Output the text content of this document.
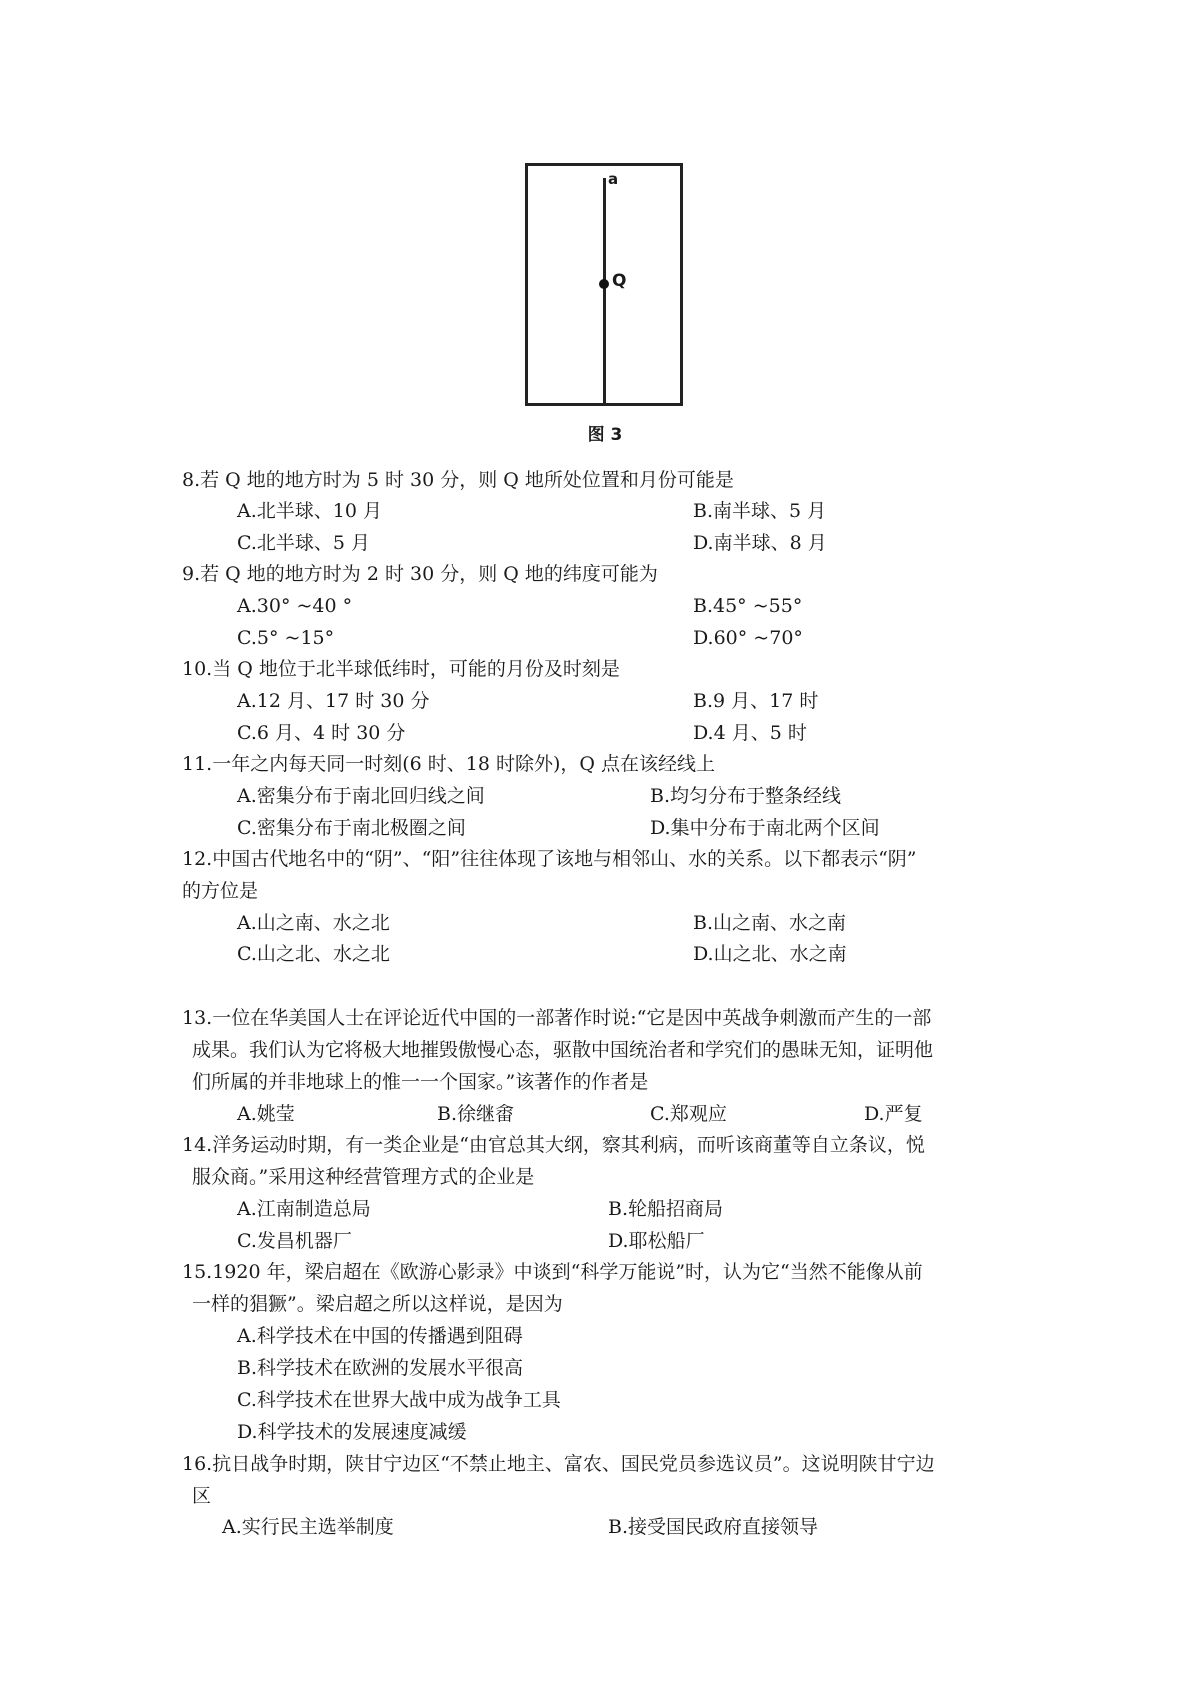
a
Q
图 3
8.若 Q 地的地方时为 5 时 30 分，则 Q 地所处位置和月份可能是
A.北半球、10 月	B.南半球、5 月
C.北半球、5 月	D.南半球、8 月
9.若 Q 地的地方时为 2 时 30 分，则 Q 地的纬度可能为
A.30° ~40 °	B.45° ~55°
C.5° ~15°	D.60° ~70°
10.当 Q 地位于北半球低纬时，可能的月份及时刻是
A.12 月、17 时 30 分	B.9 月、17 时
C.6 月、4 时 30 分	D.4 月、5 时
11.一年之内每天同一时刻(6 时、18 时除外)，Q 点在该经线上
A.密集分布于南北回归线之间	B.均匀分布于整条经线
C.密集分布于南北极圈之间	D.集中分布于南北两个区间
12.中国古代地名中的“阴”、“阳”往往体现了该地与相邻山、水的关系。以下都表示“阴”
的方位是
A.山之南、水之北	B.山之南、水之南
C.山之北、水之北	D.山之北、水之南
13.一位在华美国人士在评论近代中国的一部著作时说:“它是因中英战争刺激而产生的一部
成果。我们认为它将极大地摧毁傲慢心态，驱散中国统治者和学究们的愚昧无知，证明他
们所属的并非地球上的惟一一个国家。”该著作的作者是
A.姚莹	B.徐继畬	C.郑观应	D.严复
14.洋务运动时期，有一类企业是“由官总其大纲，察其利病，而听该商董等自立条议，悦
服众商。”采用这种经营管理方式的企业是
A.江南制造总局	B.轮船招商局
C.发昌机器厂	D.耶松船厂
15.1920 年，梁启超在《欧游心影录》中谈到“科学万能说”时，认为它“当然不能像从前
一样的猖獗”。梁启超之所以这样说，是因为
A.科学技术在中国的传播遇到阻碍
B.科学技术在欧洲的发展水平很高
C.科学技术在世界大战中成为战争工具
D.科学技术的发展速度减缓
16.抗日战争时期，陕甘宁边区“不禁止地主、富农、国民党员参选议员”。这说明陕甘宁边
区
A.实行民主选举制度	B.接受国民政府直接领导
